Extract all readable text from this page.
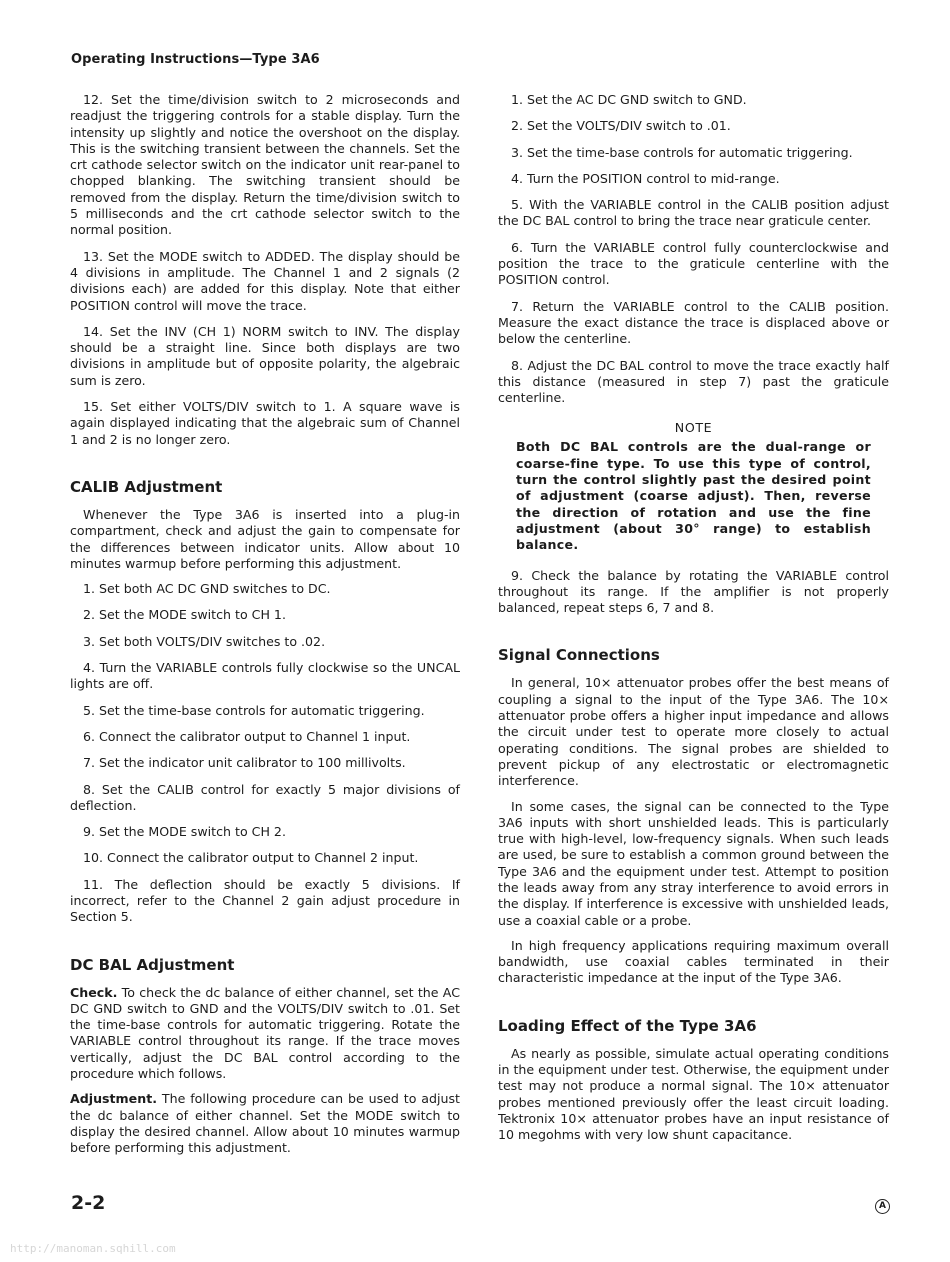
Operating Instructions—Type 3A6

12. Set the time/division switch to 2 microseconds and readjust the triggering controls for a stable display. Turn the intensity up slightly and notice the overshoot on the display. This is the switching transient between the channels. Set the crt cathode selector switch on the indicator unit rear-panel to chopped blanking. The switching transient should be removed from the display. Return the time/division switch to 5 milliseconds and the crt cathode selector switch to the normal position.

13. Set the MODE switch to ADDED. The display should be 4 divisions in amplitude. The Channel 1 and 2 signals (2 divisions each) are added for this display. Note that either POSITION control will move the trace.

14. Set the INV (CH 1) NORM switch to INV. The display should be a straight line. Since both displays are two divisions in amplitude but of opposite polarity, the algebraic sum is zero.

15. Set either VOLTS/DIV switch to 1. A square wave is again displayed indicating that the algebraic sum of Channel 1 and 2 is no longer zero.

CALIB Adjustment

Whenever the Type 3A6 is inserted into a plug-in compartment, check and adjust the gain to compensate for the differences between indicator units. Allow about 10 minutes warmup before performing this adjustment.

1. Set both AC DC GND switches to DC.

2. Set the MODE switch to CH 1.

3. Set both VOLTS/DIV switches to .02.

4. Turn the VARIABLE controls fully clockwise so the UNCAL lights are off.

5. Set the time-base controls for automatic triggering.

6. Connect the calibrator output to Channel 1 input.

7. Set the indicator unit calibrator to 100 millivolts.

8. Set the CALIB control for exactly 5 major divisions of deflection.

9. Set the MODE switch to CH 2.

10. Connect the calibrator output to Channel 2 input.

11. The deflection should be exactly 5 divisions. If incorrect, refer to the Channel 2 gain adjust procedure in Section 5.

DC BAL Adjustment

Check. To check the dc balance of either channel, set the AC DC GND switch to GND and the VOLTS/DIV switch to .01. Set the time-base controls for automatic triggering. Rotate the VARIABLE control throughout its range. If the trace moves vertically, adjust the DC BAL control according to the procedure which follows.

Adjustment. The following procedure can be used to adjust the dc balance of either channel. Set the MODE switch to display the desired channel. Allow about 10 minutes warmup before performing this adjustment.

1. Set the AC DC GND switch to GND.

2. Set the VOLTS/DIV switch to .01.

3. Set the time-base controls for automatic triggering.

4. Turn the POSITION control to mid-range.

5. With the VARIABLE control in the CALIB position adjust the DC BAL control to bring the trace near graticule center.

6. Turn the VARIABLE control fully counterclockwise and position the trace to the graticule centerline with the POSITION control.

7. Return the VARIABLE control to the CALIB position. Measure the exact distance the trace is displaced above or below the centerline.

8. Adjust the DC BAL control to move the trace exactly half this distance (measured in step 7) past the graticule centerline.

NOTE
Both DC BAL controls are the dual-range or coarse-fine type. To use this type of control, turn the control slightly past the desired point of adjustment (coarse adjust). Then, reverse the direction of rotation and use the fine adjustment (about 30° range) to establish balance.

9. Check the balance by rotating the VARIABLE control throughout its range. If the amplifier is not properly balanced, repeat steps 6, 7 and 8.

Signal Connections

In general, 10× attenuator probes offer the best means of coupling a signal to the input of the Type 3A6. The 10× attenuator probe offers a higher input impedance and allows the circuit under test to operate more closely to actual operating conditions. The signal probes are shielded to prevent pickup of any electrostatic or electromagnetic interference.

In some cases, the signal can be connected to the Type 3A6 inputs with short unshielded leads. This is particularly true with high-level, low-frequency signals. When such leads are used, be sure to establish a common ground between the Type 3A6 and the equipment under test. Attempt to position the leads away from any stray interference to avoid errors in the display. If interference is excessive with unshielded leads, use a coaxial cable or a probe.

In high frequency applications requiring maximum overall bandwidth, use coaxial cables terminated in their characteristic impedance at the input of the Type 3A6.

Loading Effect of the Type 3A6

As nearly as possible, simulate actual operating conditions in the equipment under test. Otherwise, the equipment under test may not produce a normal signal. The 10× attenuator probes mentioned previously offer the least circuit loading. Tektronix 10× attenuator probes have an input resistance of 10 megohms with very low shunt capacitance.

2-2	A
http://manoman.sqhill.com
